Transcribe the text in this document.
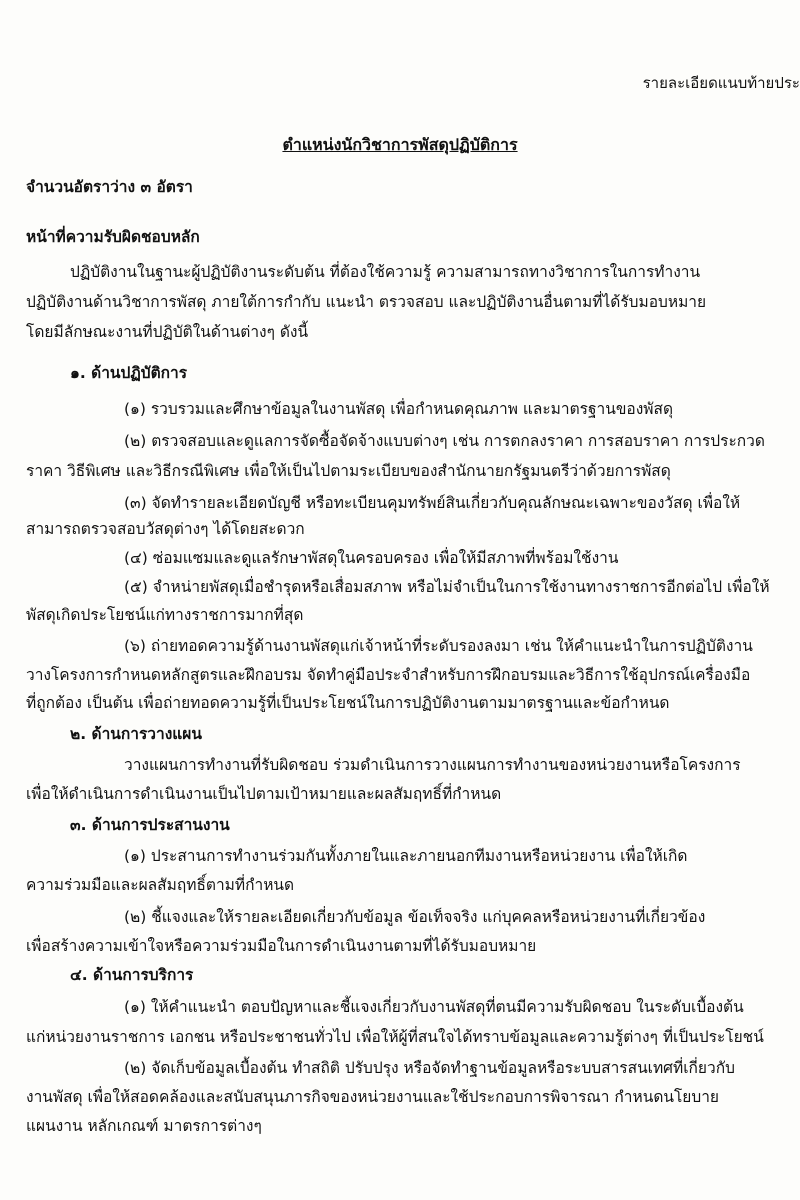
รายละเอียดแนบท้ายประ
ตำแหน่งนักวิชาการพัสดุปฏิบัติการ
จำนวนอัตราว่าง ๓ อัตรา
หน้าที่ความรับผิดชอบหลัก
ปฏิบัติงานในฐานะผู้ปฏิบัติงานระดับต้น ที่ต้องใช้ความรู้ ความสามารถทางวิชาการในการทำงาน
ปฏิบัติงานด้านวิชาการพัสดุ ภายใต้การกำกับ แนะนำ ตรวจสอบ และปฏิบัติงานอื่นตามที่ได้รับมอบหมาย
โดยมีลักษณะงานที่ปฏิบัติในด้านต่างๆ ดังนี้
๑. ด้านปฏิบัติการ
(๑) รวบรวมและศึกษาข้อมูลในงานพัสดุ เพื่อกำหนดคุณภาพ และมาตรฐานของพัสดุ
(๒) ตรวจสอบและดูแลการจัดซื้อจัดจ้างแบบต่างๆ เช่น การตกลงราคา การสอบราคา การประกวด
ราคา วิธีพิเศษ และวิธีกรณีพิเศษ เพื่อให้เป็นไปตามระเบียบของสำนักนายกรัฐมนตรีว่าด้วยการพัสดุ
(๓) จัดทำรายละเอียดบัญชี หรือทะเบียนคุมทรัพย์สินเกี่ยวกับคุณลักษณะเฉพาะของวัสดุ เพื่อให้
สามารถตรวจสอบวัสดุต่างๆ ได้โดยสะดวก
(๔) ซ่อมแซมและดูแลรักษาพัสดุในครอบครอง เพื่อให้มีสภาพที่พร้อมใช้งาน
(๕) จำหน่ายพัสดุเมื่อชำรุดหรือเสื่อมสภาพ หรือไม่จำเป็นในการใช้งานทางราชการอีกต่อไป เพื่อให้
พัสดุเกิดประโยชน์แก่ทางราชการมากที่สุด
(๖) ถ่ายทอดความรู้ด้านงานพัสดุแก่เจ้าหน้าที่ระดับรองลงมา เช่น ให้คำแนะนำในการปฏิบัติงาน
วางโครงการกำหนดหลักสูตรและฝึกอบรม จัดทำคู่มือประจำสำหรับการฝึกอบรมและวิธีการใช้อุปกรณ์เครื่องมือ
ที่ถูกต้อง เป็นต้น เพื่อถ่ายทอดความรู้ที่เป็นประโยชน์ในการปฏิบัติงานตามมาตรฐานและข้อกำหนด
๒. ด้านการวางแผน
วางแผนการทำงานที่รับผิดชอบ ร่วมดำเนินการวางแผนการทำงานของหน่วยงานหรือโครงการ
เพื่อให้ดำเนินการดำเนินงานเป็นไปตามเป้าหมายและผลสัมฤทธิ์ที่กำหนด
๓. ด้านการประสานงาน
(๑) ประสานการทำงานร่วมกันทั้งภายในและภายนอกทีมงานหรือหน่วยงาน เพื่อให้เกิด
ความร่วมมือและผลสัมฤทธิ์ตามที่กำหนด
(๒) ชี้แจงและให้รายละเอียดเกี่ยวกับข้อมูล ข้อเท็จจริง แก่บุคคลหรือหน่วยงานที่เกี่ยวข้อง
เพื่อสร้างความเข้าใจหรือความร่วมมือในการดำเนินงานตามที่ได้รับมอบหมาย
๔. ด้านการบริการ
(๑) ให้คำแนะนำ ตอบปัญหาและชี้แจงเกี่ยวกับงานพัสดุที่ตนมีความรับผิดชอบ ในระดับเบื้องต้น
แก่หน่วยงานราชการ เอกชน หรือประชาชนทั่วไป เพื่อให้ผู้ที่สนใจได้ทราบข้อมูลและความรู้ต่างๆ ที่เป็นประโยชน์
(๒) จัดเก็บข้อมูลเบื้องต้น ทำสถิติ ปรับปรุง หรือจัดทำฐานข้อมูลหรือระบบสารสนเทศที่เกี่ยวกับ
งานพัสดุ เพื่อให้สอดคล้องและสนับสนุนภารกิจของหน่วยงานและใช้ประกอบการพิจารณา กำหนดนโยบาย
แผนงาน หลักเกณฑ์ มาตรการต่างๆ
